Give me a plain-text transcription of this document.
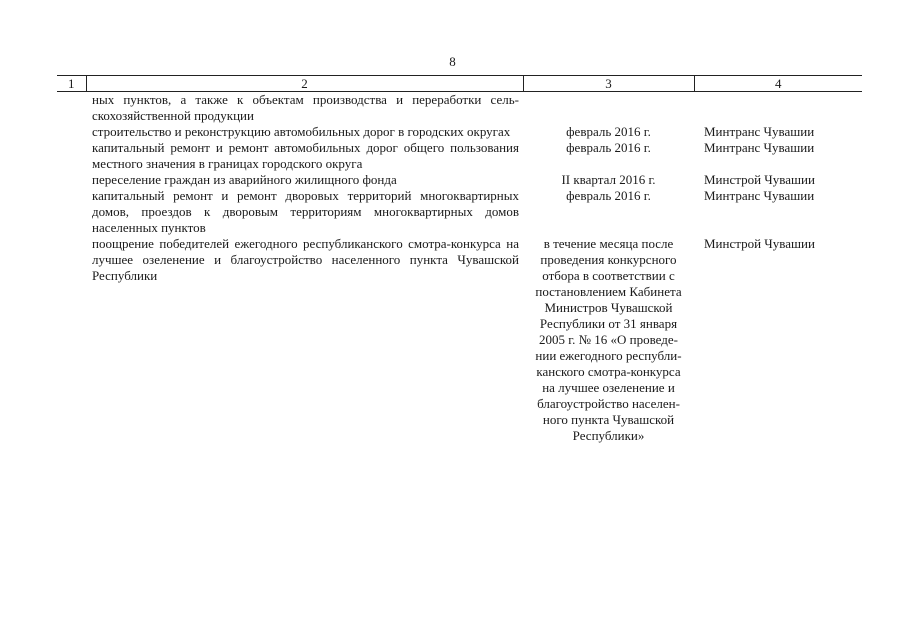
8
1	2	3	4
	ных пунктов, а также к объектам производства и переработки сельскохозяйственной продукции		
	строительство и реконструкцию автомобильных дорог в городских округах	февраль 2016 г.	Минтранс Чувашии
	капитальный ремонт и ремонт автомобильных дорог общего пользования местного значения в границах городского округа	февраль 2016 г.	Минтранс Чувашии
	переселение граждан из аварийного жилищного фонда	II квартал 2016 г.	Минстрой Чувашии
	капитальный ремонт и ремонт дворовых территорий многоквартирных домов, проездов к дворовым территориям многоквартирных домов населенных пунктов	февраль 2016 г.	Минтранс Чувашии
	поощрение победителей ежегодного республиканского смотра-конкурса на лучшее озеленение и благоустройство населенного пункта Чувашской Республики	в течение месяца после проведения конкурсного отбора в соответствии с постановлением Кабинета Министров Чувашской Республики от 31 января 2005 г. № 16 «О проведении ежегодного республиканского смотра-конкурса на лучшее озеленение и благоустройство населенного пункта Чувашской Республики»	Минстрой Чувашии
